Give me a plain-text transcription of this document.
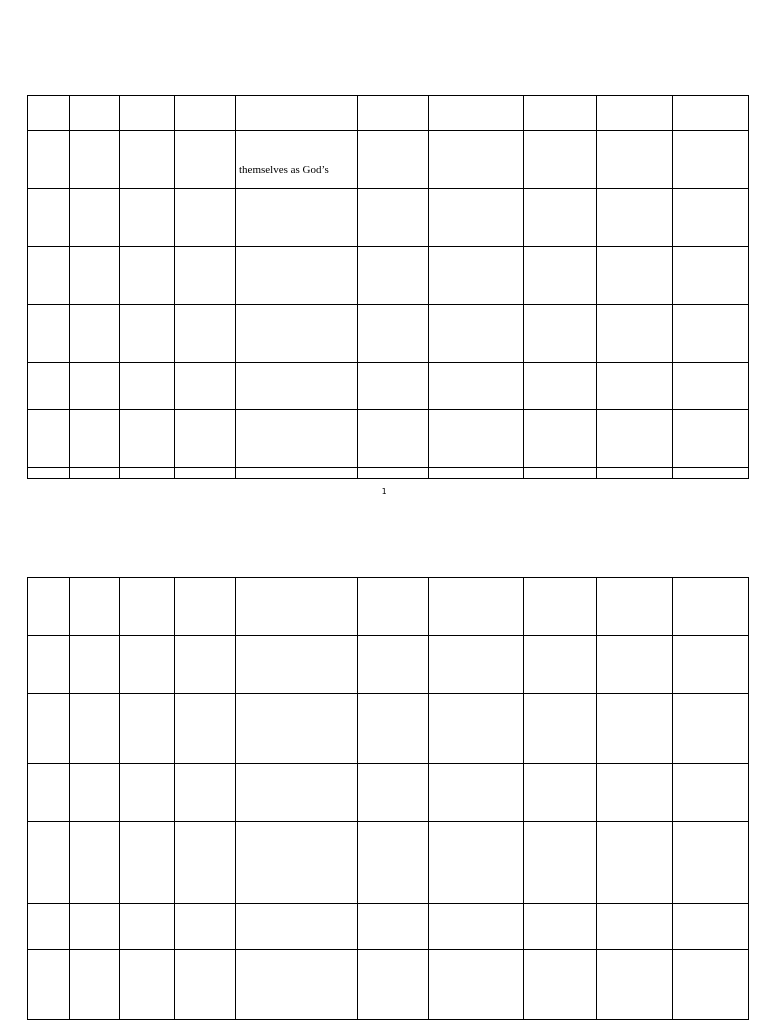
				themselves as God’s					

1
